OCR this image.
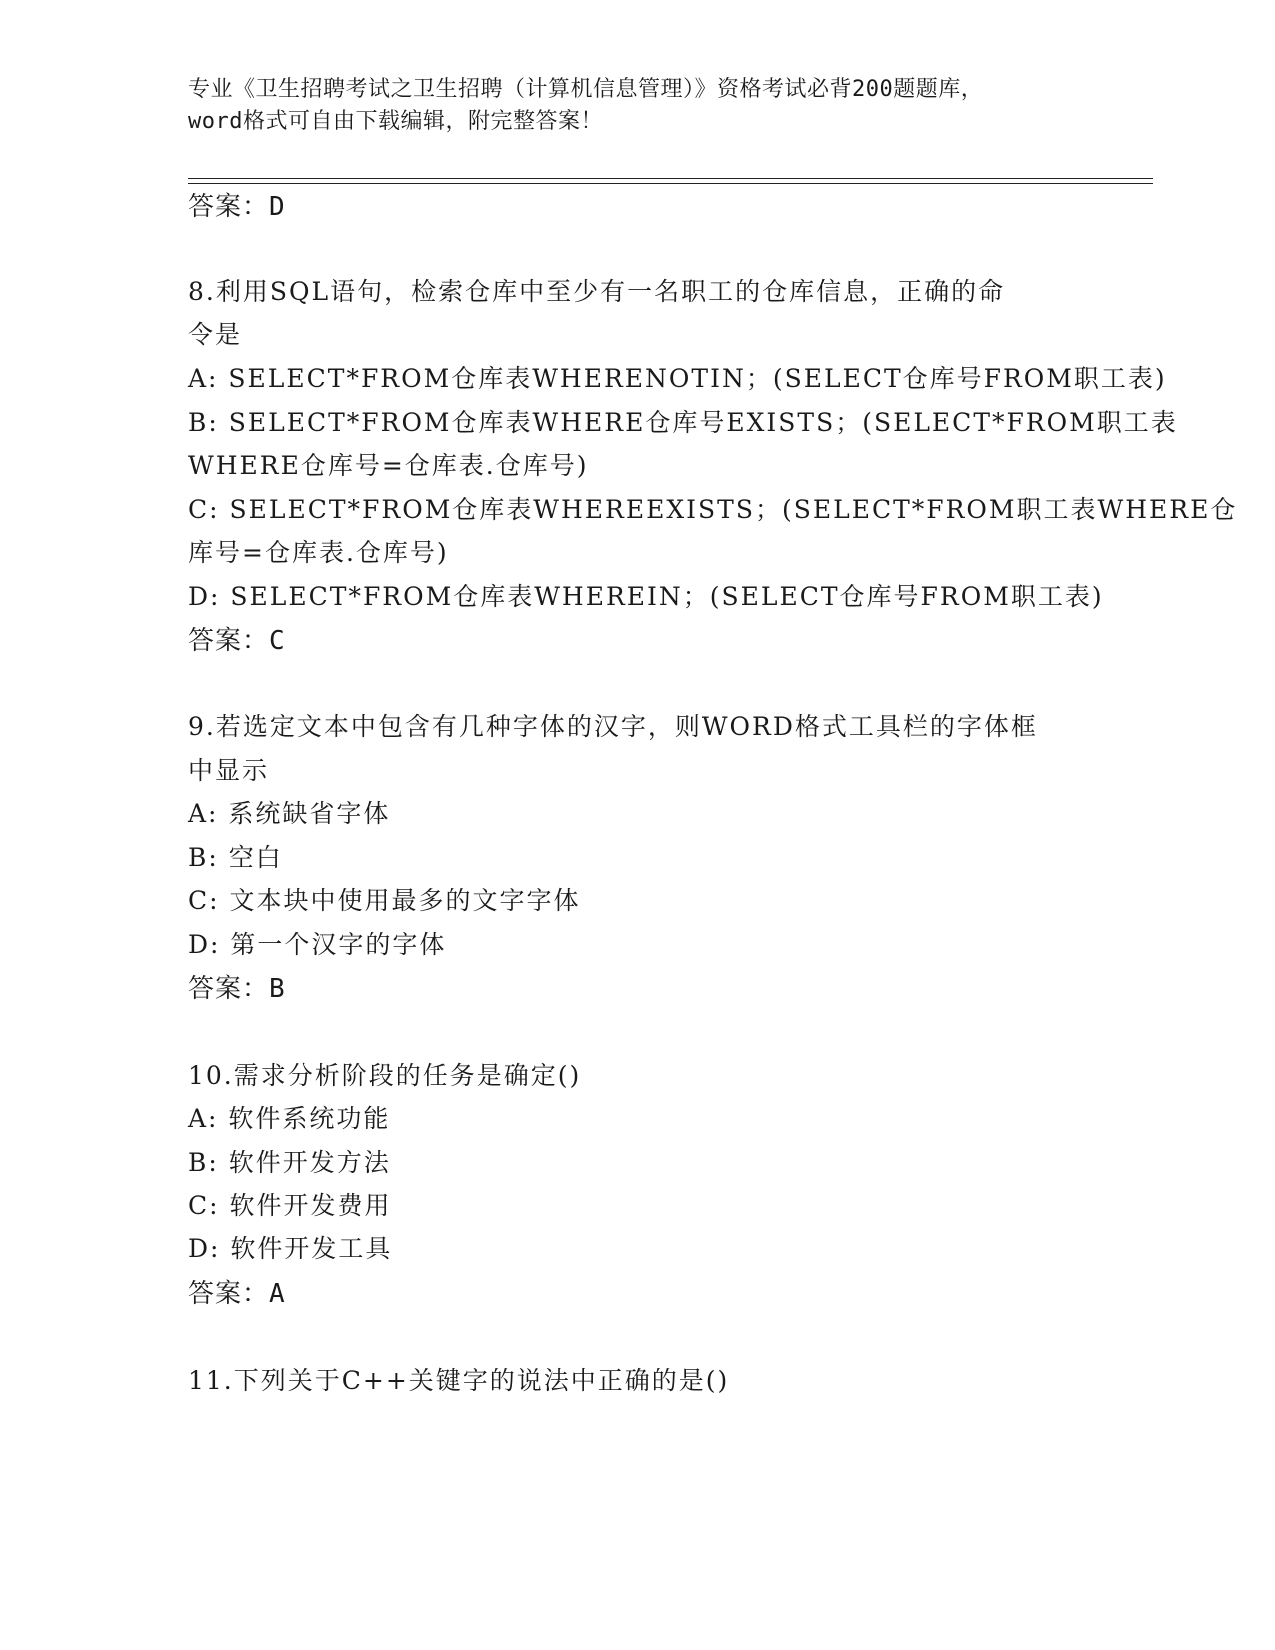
专业《卫生招聘考试之卫生招聘（计算机信息管理）》资格考试必背200题题库，
word格式可自由下载编辑，附完整答案！
答案：D
8.利用SQL语句，检索仓库中至少有一名职工的仓库信息，正确的命
令是
A: SELECT*FROM仓库表WHERENOTIN；(SELECT仓库号FROM职工表)
B: SELECT*FROM仓库表WHERE仓库号EXISTS；(SELECT*FROM职工表
WHERE仓库号=仓库表.仓库号)
C: SELECT*FROM仓库表WHEREEXISTS；(SELECT*FROM职工表WHERE仓
库号=仓库表.仓库号)
D: SELECT*FROM仓库表WHEREIN；(SELECT仓库号FROM职工表)
答案：C
9.若选定文本中包含有几种字体的汉字，则WORD格式工具栏的字体框
中显示
A: 系统缺省字体
B: 空白
C: 文本块中使用最多的文字字体
D: 第一个汉字的字体
答案：B
10.需求分析阶段的任务是确定()
A: 软件系统功能
B: 软件开发方法
C: 软件开发费用
D: 软件开发工具
答案：A
11.下列关于C++关键字的说法中正确的是()
